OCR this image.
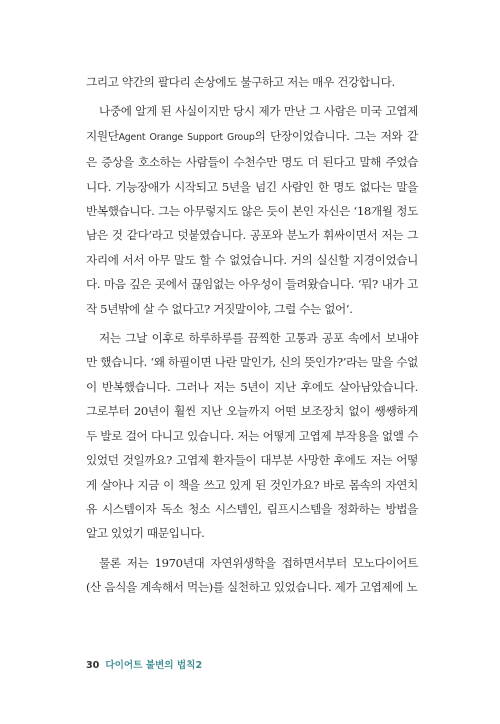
그리고 약간의 팔다리 손상에도 불구하고 저는 매우 건강합니다.

나중에 알게 된 사실이지만 당시 제가 만난 그 사람은 미국 고엽제지원단Agent Orange Support Group의 단장이었습니다. 그는 저와 같은 증상을 호소하는 사람들이 수천수만 명도 더 된다고 말해 주었습니다. 기능장애가 시작되고 5년을 넘긴 사람인 한 명도 없다는 말을 반복했습니다. 그는 아무렇지도 않은 듯이 본인 자신은 ‘18개월 정도 남은 것 같다’라고 덧붙였습니다. 공포와 분노가 휘싸이면서 저는 그 자리에 서서 아무 말도 할 수 없었습니다. 거의 실신할 지경이었습니다. 마음 깊은 곳에서 끊임없는 아우성이 들려왔습니다. ‘뭐? 내가 고작 5년밖에 살 수 없다고? 거짓말이야, 그럴 수는 없어’.

저는 그날 이후로 하루하루를 끔찍한 고통과 공포 속에서 보내야만 했습니다. ‘왜 하필이면 나란 말인가, 신의 뜻인가?’라는 말을 수없이 반복했습니다. 그러나 저는 5년이 지난 후에도 살아남았습니다. 그로부터 20년이 훨씬 지난 오늘까지 어떤 보조장치 없이 쌩쌩하게 두 발로 걸어 다니고 있습니다. 저는 어떻게 고엽제 부작용을 없앨 수 있었던 것일까요? 고엽제 환자들이 대부분 사망한 후에도 저는 어떻게 살아나 지금 이 책을 쓰고 있게 된 것인가요? 바로 몸속의 자연치유 시스템이자 독소 청소 시스템인, 림프시스템을 정화하는 방법을 알고 있었기 때문입니다.

물론 저는 1970년대 자연위생학을 접하면서부터 모노다이어트(산 음식을 계속해서 먹는)를 실천하고 있었습니다. 제가 고엽제에 노

30 다이어트 불변의 법칙2
